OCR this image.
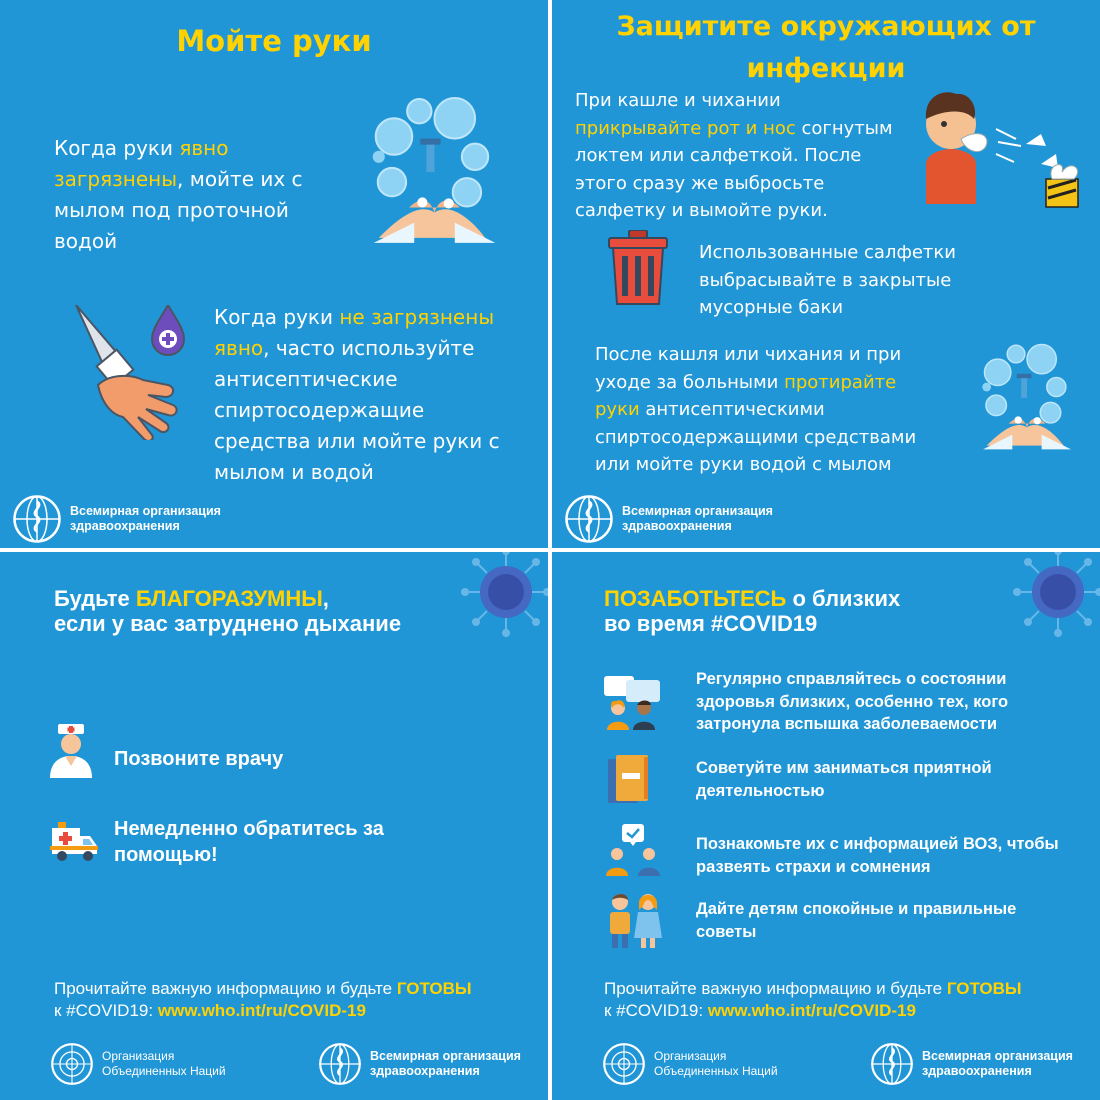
Мойте руки
Когда руки явно загрязнены, мойте их с мылом под проточной водой
Когда руки не загрязнены явно, часто используйте антисептические спиртосодержащие средства или мойте руки с мылом и водой
Всемирная организация
здравоохранения
Защитите окружающих от
инфекции
При кашле и чихании прикрывайте рот и нос согнутым локтем или салфеткой. После этого сразу же выбросьте салфетку и вымойте руки.
Использованные салфетки выбрасывайте в закрытые мусорные баки
После кашля или чихания и при уходе за больными протирайте руки антисептическими спиртосодержащими средствами или мойте руки водой с мылом
Всемирная организация
здравоохранения
Будьте БЛАГОРАЗУМНЫ,
если у вас затруднено дыхание
Позвоните врачу
Немедленно обратитесь за помощью!
Прочитайте важную информацию и будьте ГОТОВЫ
к #COVID19: www.who.int/ru/COVID-19
Организация
Объединенных Наций
Всемирная организация
здравоохранения
ПОЗАБОТЬТЕСЬ о близких
во время #COVID19
Регулярно справляйтесь о состоянии здоровья близких, особенно тех, кого затронула вспышка заболеваемости
Советуйте им заниматься приятной деятельностью
Познакомьте их с информацией ВОЗ, чтобы развеять страхи и сомнения
Дайте детям спокойные и правильные советы
Прочитайте важную информацию и будьте ГОТОВЫ
к #COVID19: www.who.int/ru/COVID-19
Организация
Объединенных Наций
Всемирная организация
здравоохранения
